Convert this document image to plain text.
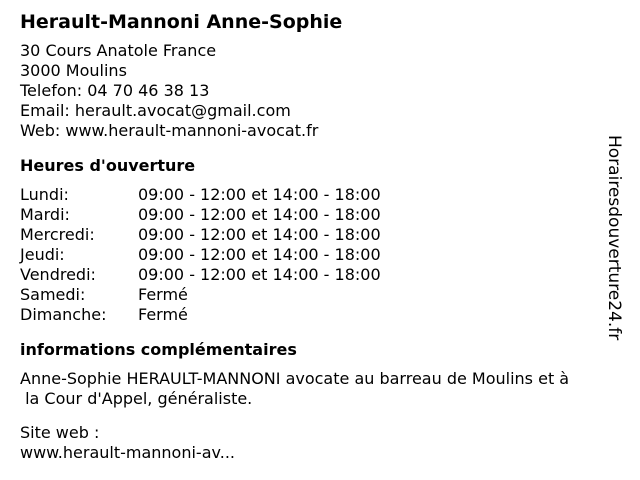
Herault-Mannoni Anne-Sophie
30 Cours Anatole France
3000 Moulins
Telefon: 04 70 46 38 13
Email: herault.avocat@gmail.com
Web: www.herault-mannoni-avocat.fr
Heures d'ouverture
Lundi:	09:00 - 12:00 et 14:00 - 18:00
Mardi:	09:00 - 12:00 et 14:00 - 18:00
Mercredi:	09:00 - 12:00 et 14:00 - 18:00
Jeudi:	09:00 - 12:00 et 14:00 - 18:00
Vendredi:	09:00 - 12:00 et 14:00 - 18:00
Samedi:	Fermé
Dimanche:	Fermé
informations complémentaires
Anne-Sophie HERAULT-MANNONI avocate au barreau de Moulins et à
la Cour d'Appel, généraliste.
Site web :
www.herault-mannoni-av...
Horairesdouverture24.fr
